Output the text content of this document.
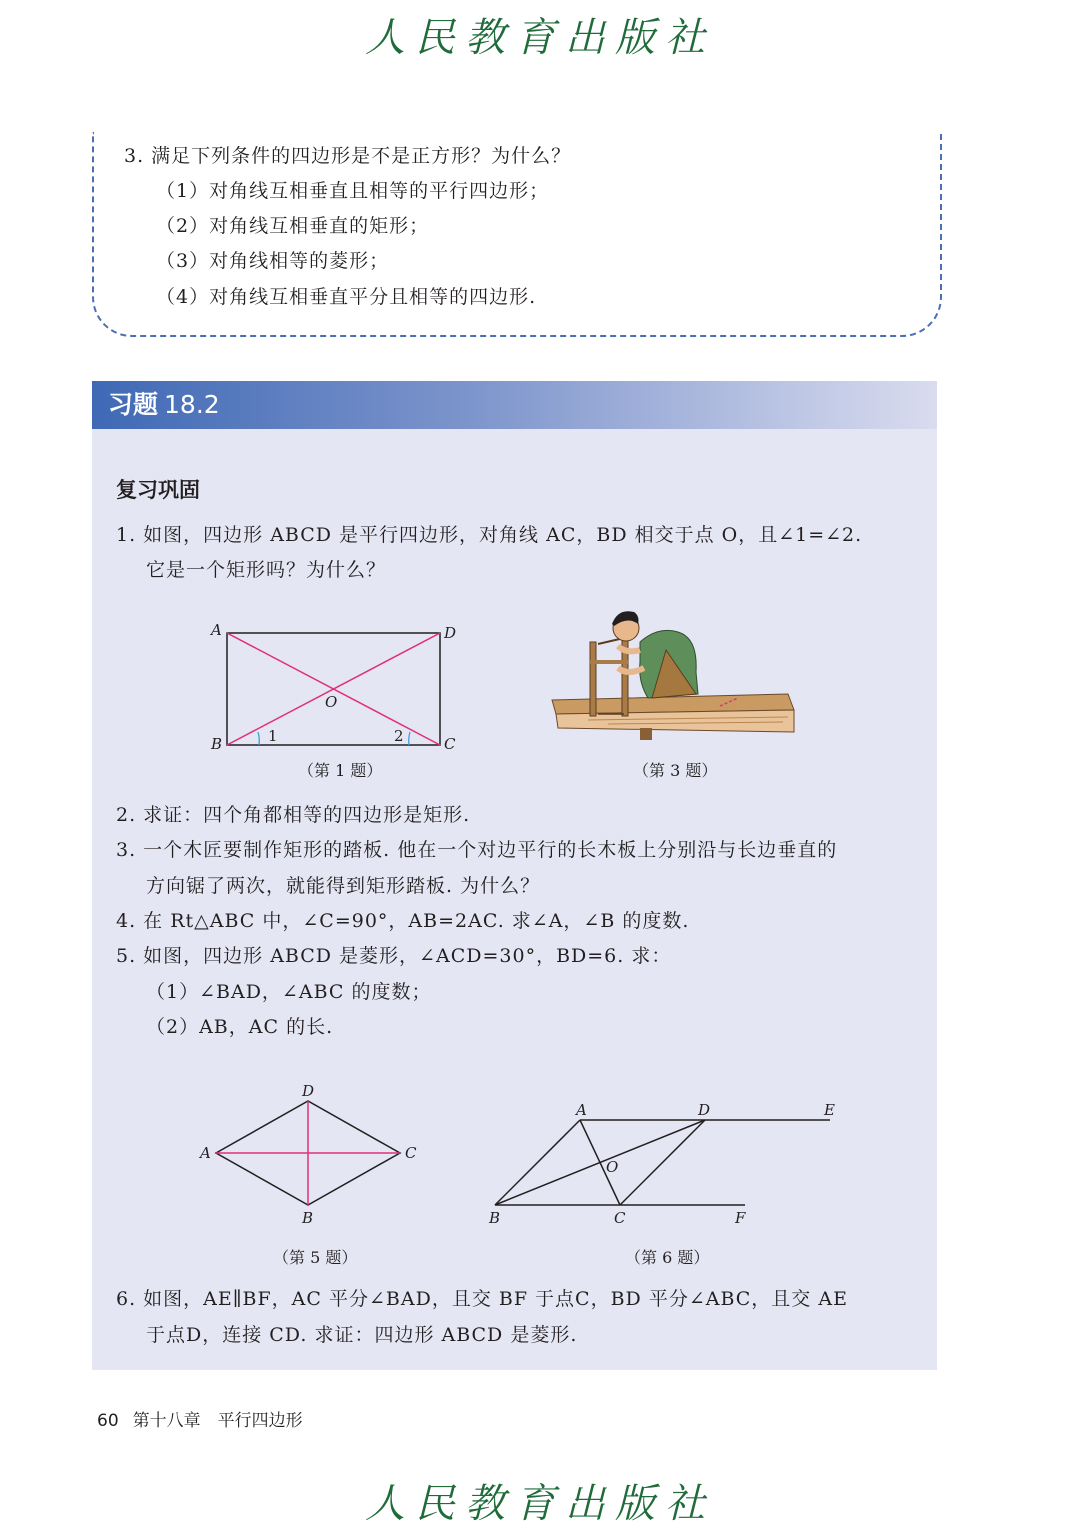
人民教育出版社
3. 满足下列条件的四边形是不是正方形？为什么？
（1）对角线互相垂直且相等的平行四边形；
（2）对角线互相垂直的矩形；
（3）对角线相等的菱形；
（4）对角线互相垂直平分且相等的四边形.
习题 18.2
复习巩固
1. 如图，四边形 ABCD 是平行四边形，对角线 AC，BD 相交于点 O，且∠1=∠2.
它是一个矩形吗？为什么？
A	D
B	C
O
1	2
（第 1 题）	（第 3 题）
2. 求证：四个角都相等的四边形是矩形.
3. 一个木匠要制作矩形的踏板. 他在一个对边平行的长木板上分别沿与长边垂直的
方向锯了两次，就能得到矩形踏板. 为什么？
4. 在 Rt△ABC 中，∠C=90°，AB=2AC. 求∠A，∠B 的度数.
5. 如图，四边形 ABCD 是菱形，∠ACD=30°，BD=6. 求：
（1）∠BAD，∠ABC 的度数；
（2）AB，AC 的长.
D
A	C
B
（第 5 题）
A	D	E
O
B	C	F
（第 6 题）
6. 如图，AE∥BF，AC 平分∠BAD，且交 BF 于点C，BD 平分∠ABC，且交 AE
于点D，连接 CD. 求证：四边形 ABCD 是菱形.
60 第十八章　平行四边形
人民教育出版社
